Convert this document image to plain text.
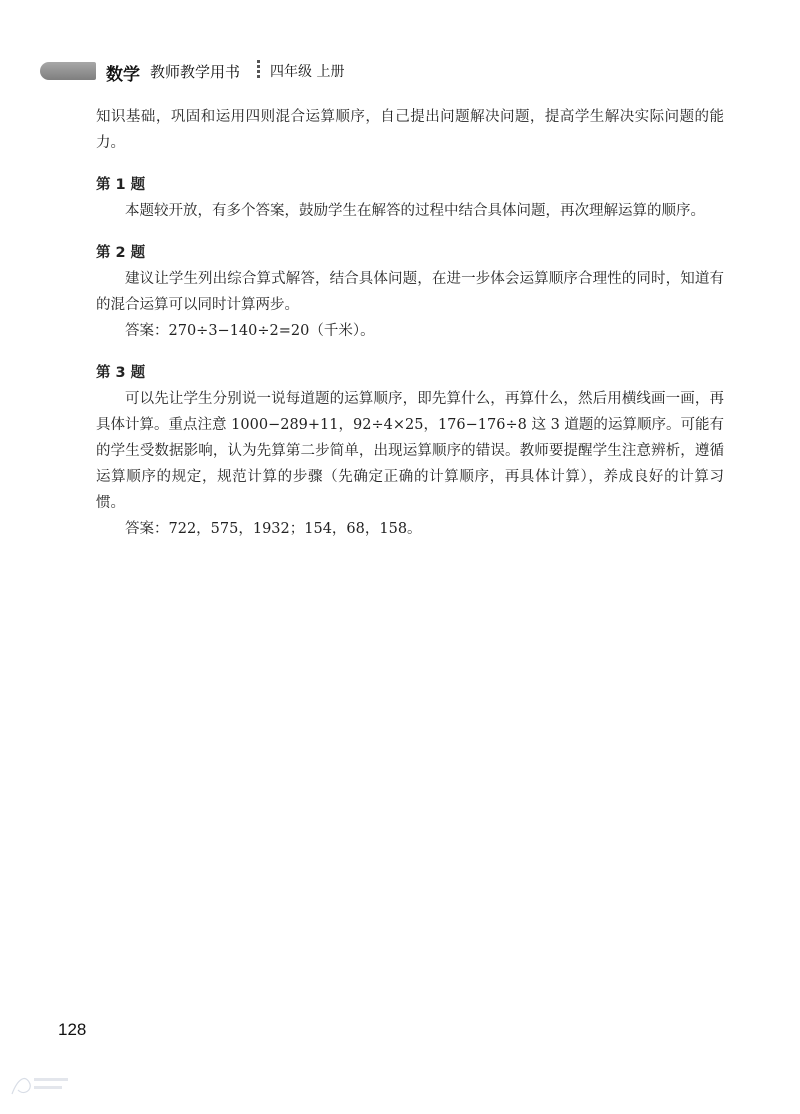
数学 教师教学用书 四年级 上册

知识基础，巩固和运用四则混合运算顺序，自己提出问题解决问题，提高学生解决实际问题的能力。

第 1 题

本题较开放，有多个答案，鼓励学生在解答的过程中结合具体问题，再次理解运算的顺序。

第 2 题

建议让学生列出综合算式解答，结合具体问题，在进一步体会运算顺序合理性的同时，知道有的混合运算可以同时计算两步。

答案：270÷3−140÷2=20（千米）。

第 3 题

可以先让学生分别说一说每道题的运算顺序，即先算什么，再算什么，然后用横线画一画，再具体计算。重点注意 1000−289+11，92÷4×25，176−176÷8 这 3 道题的运算顺序。可能有的学生受数据影响，认为先算第二步简单，出现运算顺序的错误。教师要提醒学生注意辨析，遵循运算顺序的规定，规范计算的步骤（先确定正确的计算顺序，再具体计算），养成良好的计算习惯。

答案：722，575，1932；154，68，158。

128
